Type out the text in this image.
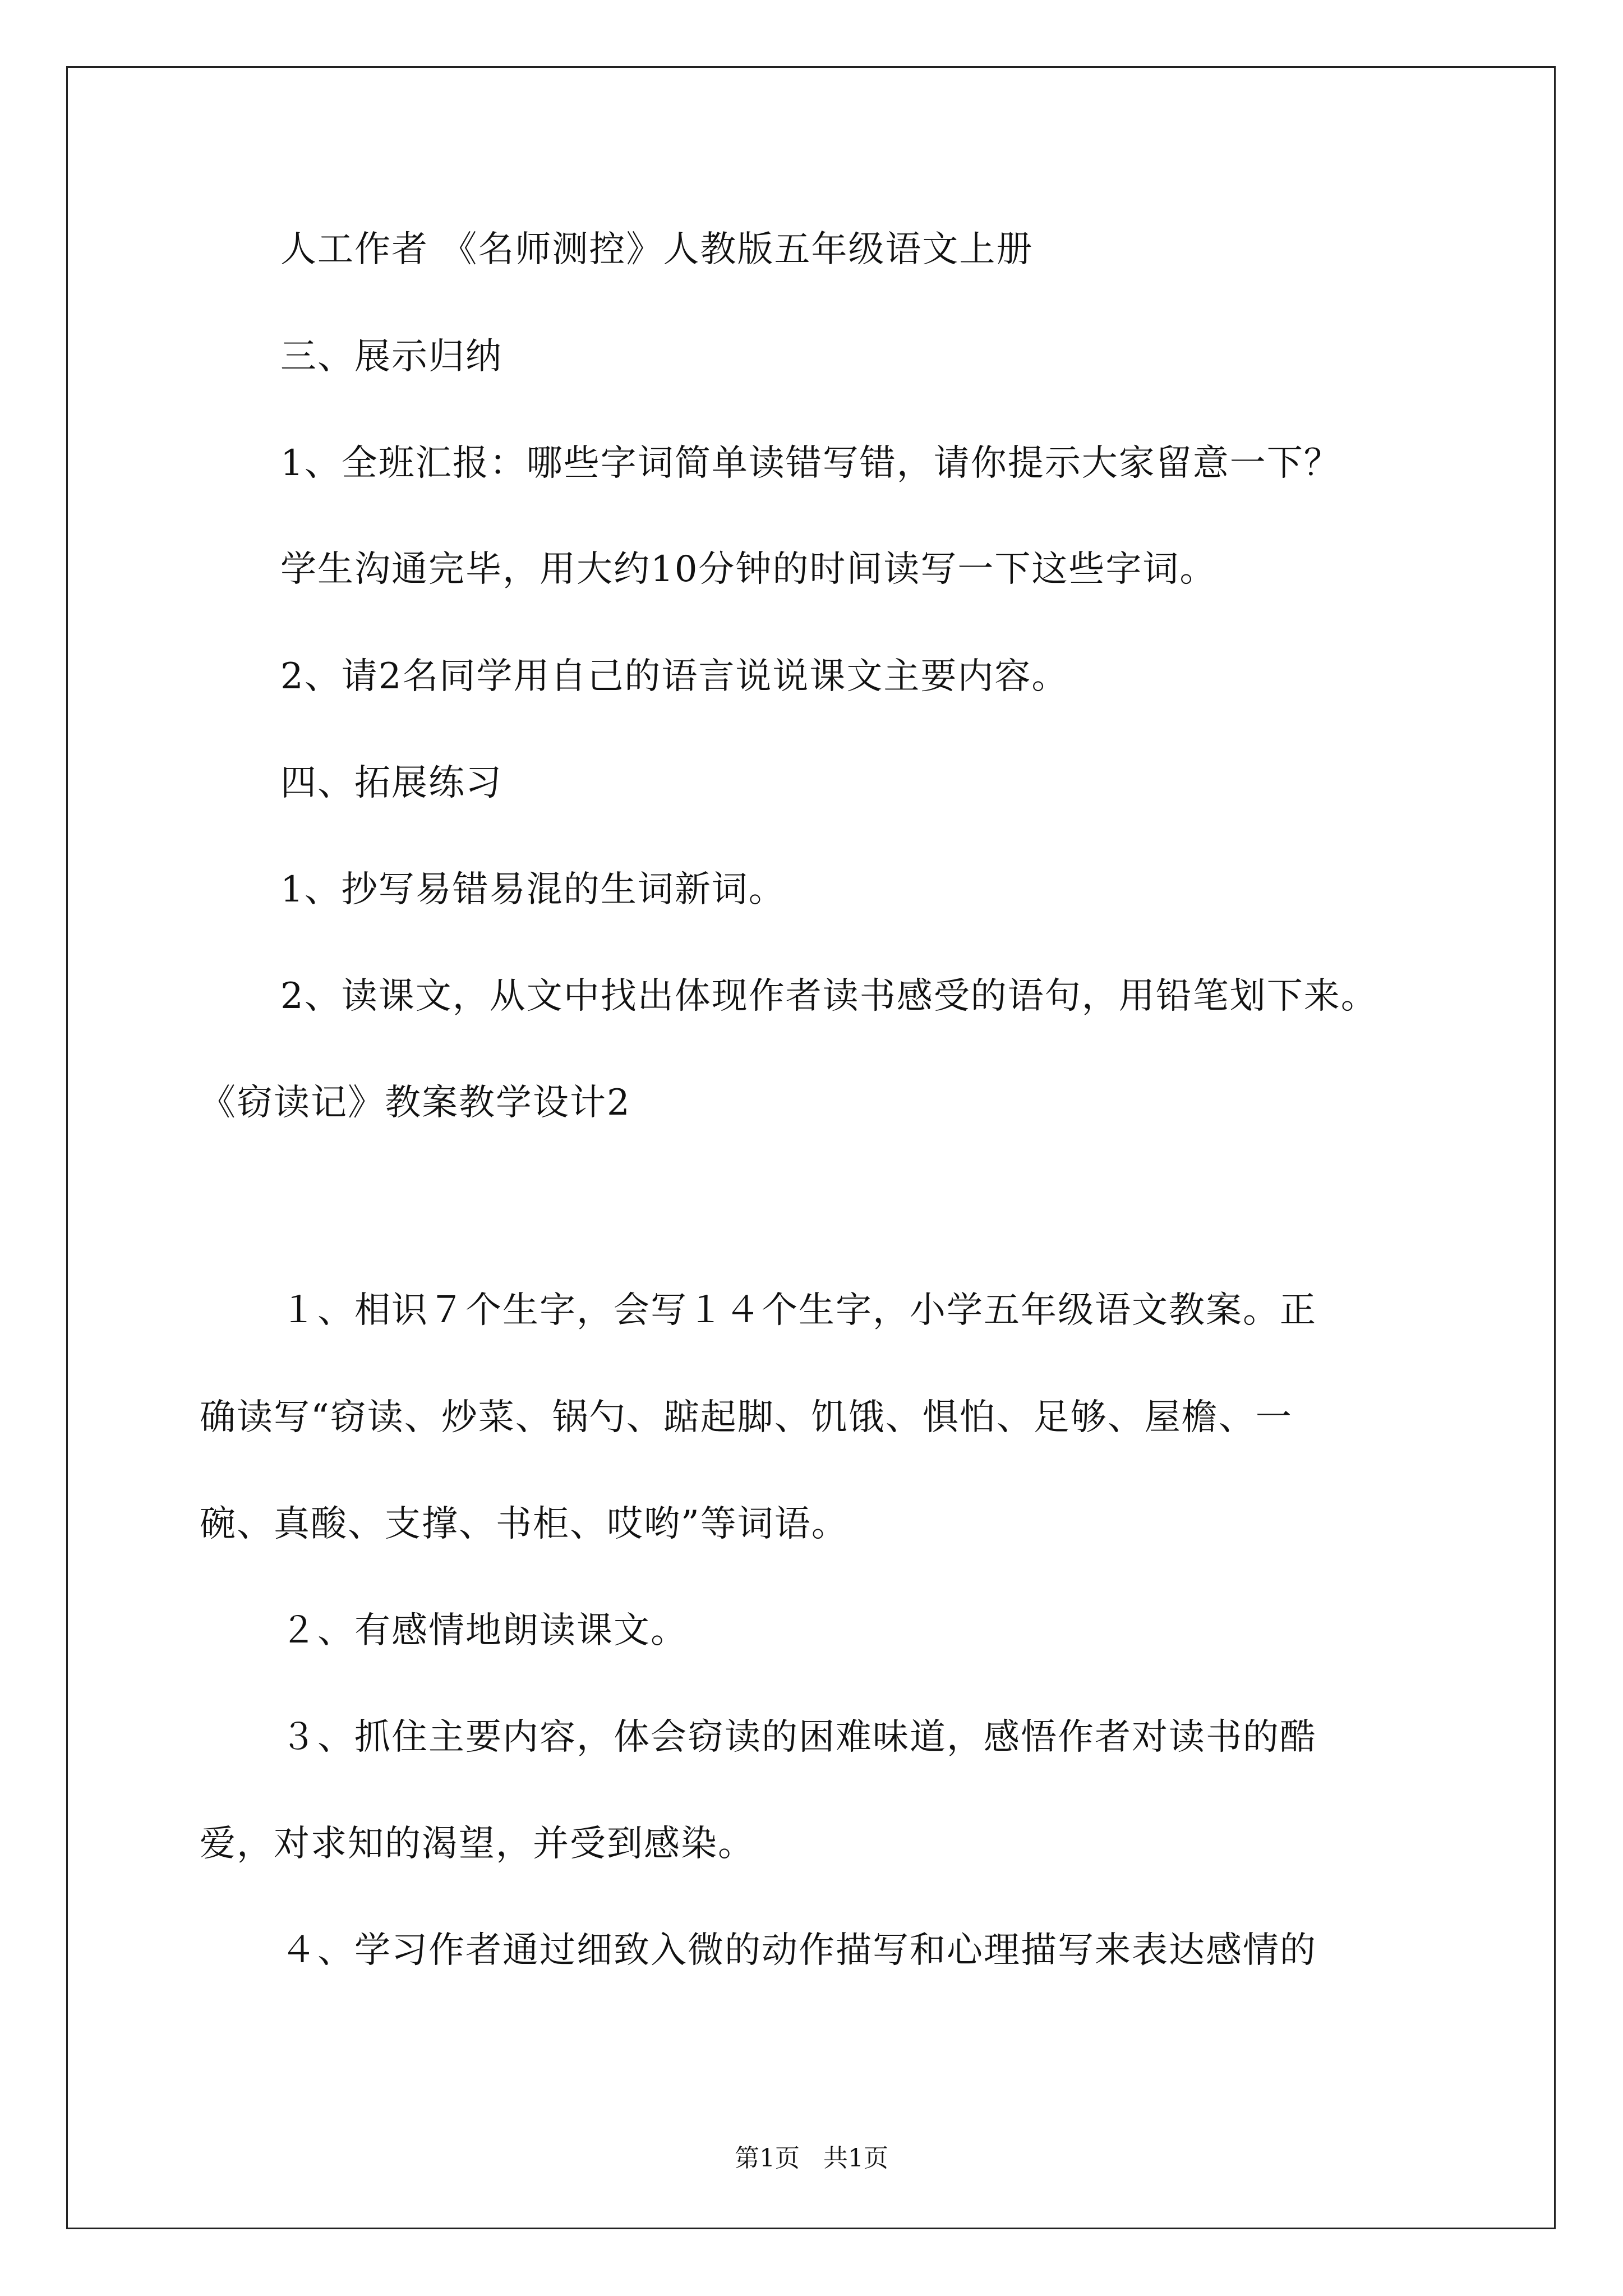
人工作者 《名师测控》人教版五年级语文上册

三、展示归纳

1、全班汇报：哪些字词简单读错写错，请你提示大家留意一下？

学生沟通完毕，用大约10分钟的时间读写一下这些字词。

2、请2名同学用自己的语言说说课文主要内容。

四、拓展练习

1、抄写易错易混的生词新词。

2、读课文，从文中找出体现作者读书感受的语句，用铅笔划下来。

《窃读记》教案教学设计2

１、相识７个生字，会写１４个生字，小学五年级语文教案。正

确读写“窃读、炒菜、锅勺、踮起脚、饥饿、惧怕、足够、屋檐、一

碗、真酸、支撑、书柜、哎哟”等词语。

２、有感情地朗读课文。

３、抓住主要内容，体会窃读的困难味道，感悟作者对读书的酷

爱，对求知的渴望，并受到感染。

４、学习作者通过细致入微的动作描写和心理描写来表达感情的

第1页   共1页
